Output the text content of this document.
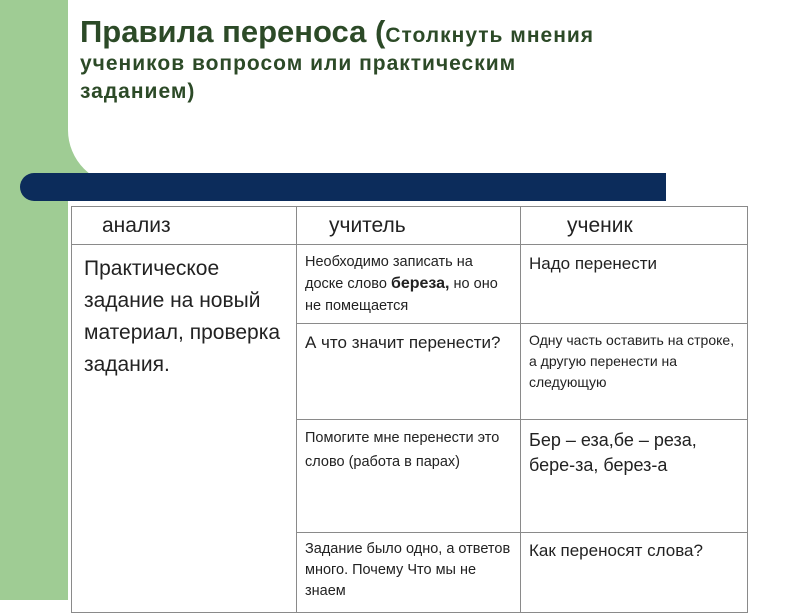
Правила переноса (Столкнуть мнения
учеников вопросом или практическим
заданием)
анализ	учитель	ученик
Практическое задание на новый материал, проверка задания.	Необходимо записать на доске слово береза, но оно не помещается	Надо перенести
	А что значит перенести?	Одну часть оставить на строке, а другую перенести на следующую
	Помогите мне перенести это слово (работа в парах)	Бер – еза,бе – реза, бере-за, берез-а
	Задание было одно, а ответов много. Почему Что мы не знаем	Как переносят слова?
